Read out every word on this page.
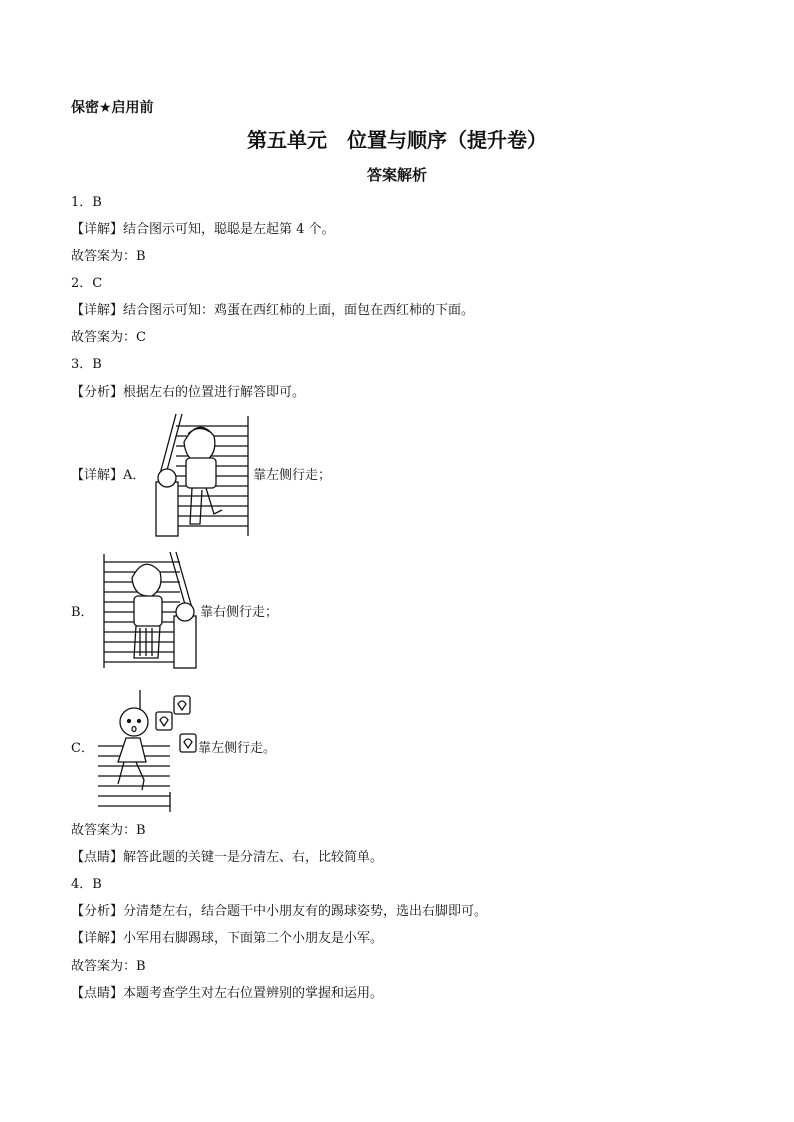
保密★启用前
第五单元　位置与顺序（提升卷）
答案解析
1．B
【详解】结合图示可知，聪聪是左起第 4 个。
故答案为：B
2．C
【详解】结合图示可知：鸡蛋在西红柿的上面，面包在西红柿的下面。
故答案为：C
3．B
【分析】根据左右的位置进行解答即可。
【详解】A．	靠左侧行走；
B．	靠右侧行走；
C．	靠左侧行走。
故答案为：B
【点睛】解答此题的关键一是分清左、右，比较简单。
4．B
【分析】分清楚左右，结合题干中小朋友有的踢球姿势，选出右脚即可。
【详解】小军用右脚踢球，下面第二个小朋友是小军。
故答案为：B
【点睛】本题考查学生对左右位置辨别的掌握和运用。
